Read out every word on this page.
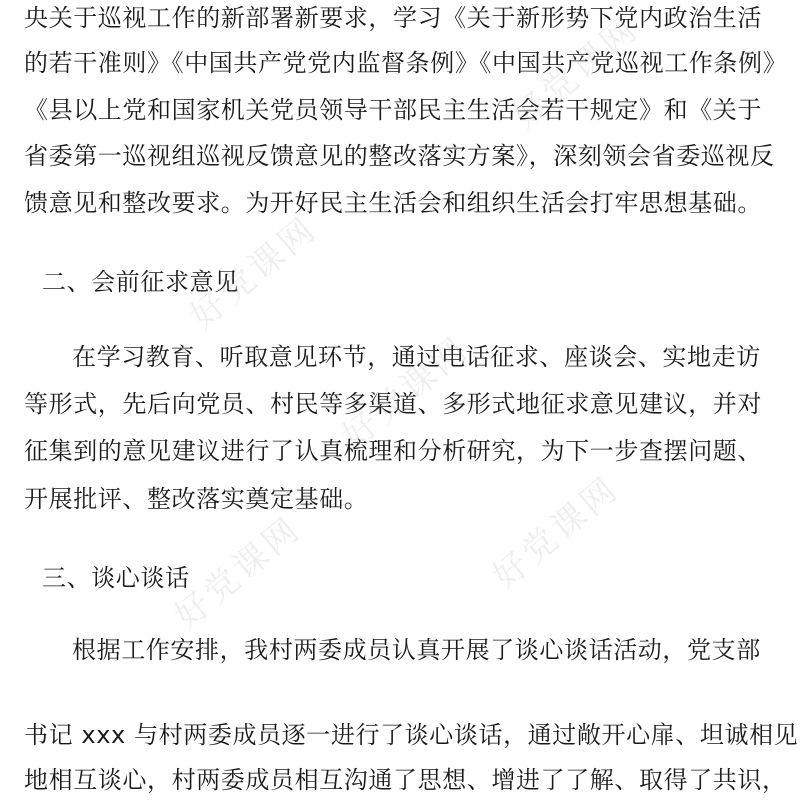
央关于巡视工作的新部署新要求，学习《关于新形势下党内政治生活
的若干准则》《中国共产党党内监督条例》《中国共产党巡视工作条例》
《县以上党和国家机关党员领导干部民主生活会若干规定》和《关于
省委第一巡视组巡视反馈意见的整改落实方案》，深刻领会省委巡视反
馈意见和整改要求。为开好民主生活会和组织生活会打牢思想基础。
二、会前征求意见
在学习教育、听取意见环节，通过电话征求、座谈会、实地走访
等形式，先后向党员、村民等多渠道、多形式地征求意见建议，并对
征集到的意见建议进行了认真梳理和分析研究，为下一步查摆问题、
开展批评、整改落实奠定基础。
三、谈心谈话
根据工作安排，我村两委成员认真开展了谈心谈话活动，党支部
书记 xxx 与村两委成员逐一进行了谈心谈话，通过敞开心扉、坦诚相见
地相互谈心，村两委成员相互沟通了思想、增进了了解、取得了共识，
好党课网
好党课网
好党课网
好党课网	好党课网
